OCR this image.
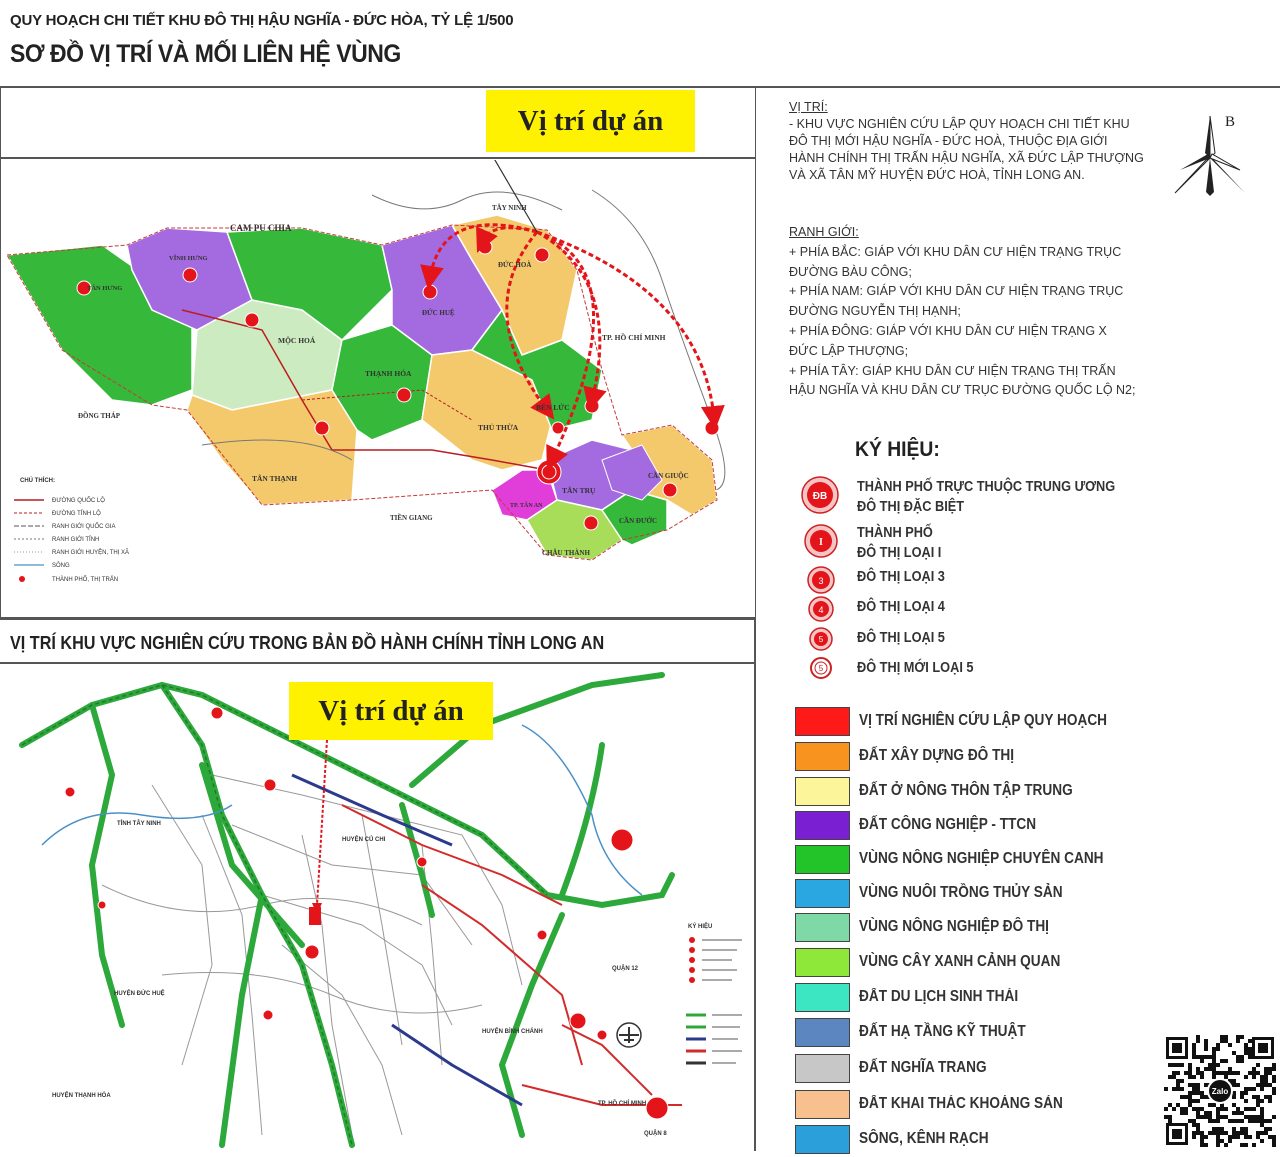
QUY HOẠCH CHI TIẾT KHU ĐÔ THỊ HẬU NGHĨA - ĐỨC HÒA, TỶ LỆ 1/500
SƠ ĐỒ VỊ TRÍ VÀ MỐI LIÊN HỆ VÙNG
CAM PU CHIA
TÂY NINH
ĐỒNG THÁP
TIỀN GIANG
TP. HỒ CHÍ MINH
MỘC HOÁ
THẠNH HÓA
THỦ THỪA
TÂN THẠNH
ĐỨC HUỆ
ĐỨC HOÀ
BẾN LỨC
TÂN TRỤ
CẦN GIUỘC
CẦN ĐƯỚC
CHÂU THÀNH
VĨNH HƯNG
TÂN HƯNG
TP. TÂN AN
CHÚ THÍCH:
ĐƯỜNG QUỐC LỘ
ĐƯỜNG TỈNH LỘ
RANH GIỚI QUỐC GIA
RANH GIỚI TỈNH
RANH GIỚI HUYỆN, THỊ XÃ
SÔNG
THÀNH PHỐ, THỊ TRẤN
Vị trí dự án
VỊ TRÍ KHU VỰC NGHIÊN CỨU TRONG BẢN ĐỒ HÀNH CHÍNH TỈNH LONG AN
TỈNH TÂY NINH
HUYỆN ĐỨC HUỆ
HUYỆN THẠNH HÓA
HUYỆN CỦ CHI
HUYỆN BÌNH CHÁNH
TP. HỒ CHÍ MINH
QUẬN 12
QUẬN 8
KÝ HIỆU
Vị trí dự án
VỊ TRÍ:
- KHU VỰC NGHIÊN CỨU LẬP QUY HOẠCH CHI TIẾT KHU
ĐÔ THỊ MỚI HẬU NGHĨA - ĐỨC HOÀ, THUỘC ĐỊA GIỚI
HÀNH CHÍNH THỊ TRẤN HẬU NGHĨA, XÃ ĐỨC LẬP THƯỢNG
VÀ XÃ TÂN MỸ HUYỆN ĐỨC HOÀ, TỈNH LONG AN.
RANH GIỚI:
+ PHÍA BẮC: GIÁP VỚI KHU DÂN CƯ HIỆN TRẠNG TRỤC
ĐƯỜNG BÀU CÔNG;
+ PHÍA NAM: GIÁP VỚI KHU DÂN CƯ HIỆN TRẠNG TRỤC
ĐƯỜNG NGUYỄN THỊ HẠNH;
+ PHÍA ĐÔNG: GIÁP VỚI KHU DÂN CƯ HIỆN TRẠNG X
ĐỨC LẬP THƯỢNG;
+ PHÍA TÂY: GIÁP KHU DÂN CƯ HIỆN TRẠNG THỊ TRẤN
HẬU NGHĨA VÀ KHU DÂN CƯ TRỤC ĐƯỜNG QUỐC LỘ N2;
B
KÝ HIỆU:
ĐB
THÀNH PHỐ TRỰC THUỘC TRUNG ƯƠNG
ĐÔ THỊ ĐẶC BIỆT
I
THÀNH PHỐ
ĐÔ THỊ LOẠI I
3 ĐÔ THỊ LOẠI 3
4 ĐÔ THỊ LOẠI 4
5 ĐÔ THỊ LOẠI 5
5 ĐÔ THỊ MỚI LOẠI 5
VỊ TRÍ NGHIÊN CỨU LẬP QUY HOẠCH
ĐẤT XÂY DỰNG ĐÔ THỊ
ĐẤT Ở NÔNG THÔN TẬP TRUNG
ĐẤT CÔNG NGHIỆP - TTCN
VÙNG NÔNG NGHIỆP CHUYÊN CANH
VÙNG NUÔI TRỒNG THỦY SẢN
VÙNG NÔNG NGHIỆP ĐÔ THỊ
VÙNG CÂY XANH CẢNH QUAN
ĐẤT DU LỊCH SINH THÁI
ĐẤT HẠ TẦNG KỸ THUẬT
ĐẤT NGHĨA TRANG
ĐẤT KHAI THÁC KHOÁNG SẢN
SÔNG, KÊNH RẠCH
Zalo
